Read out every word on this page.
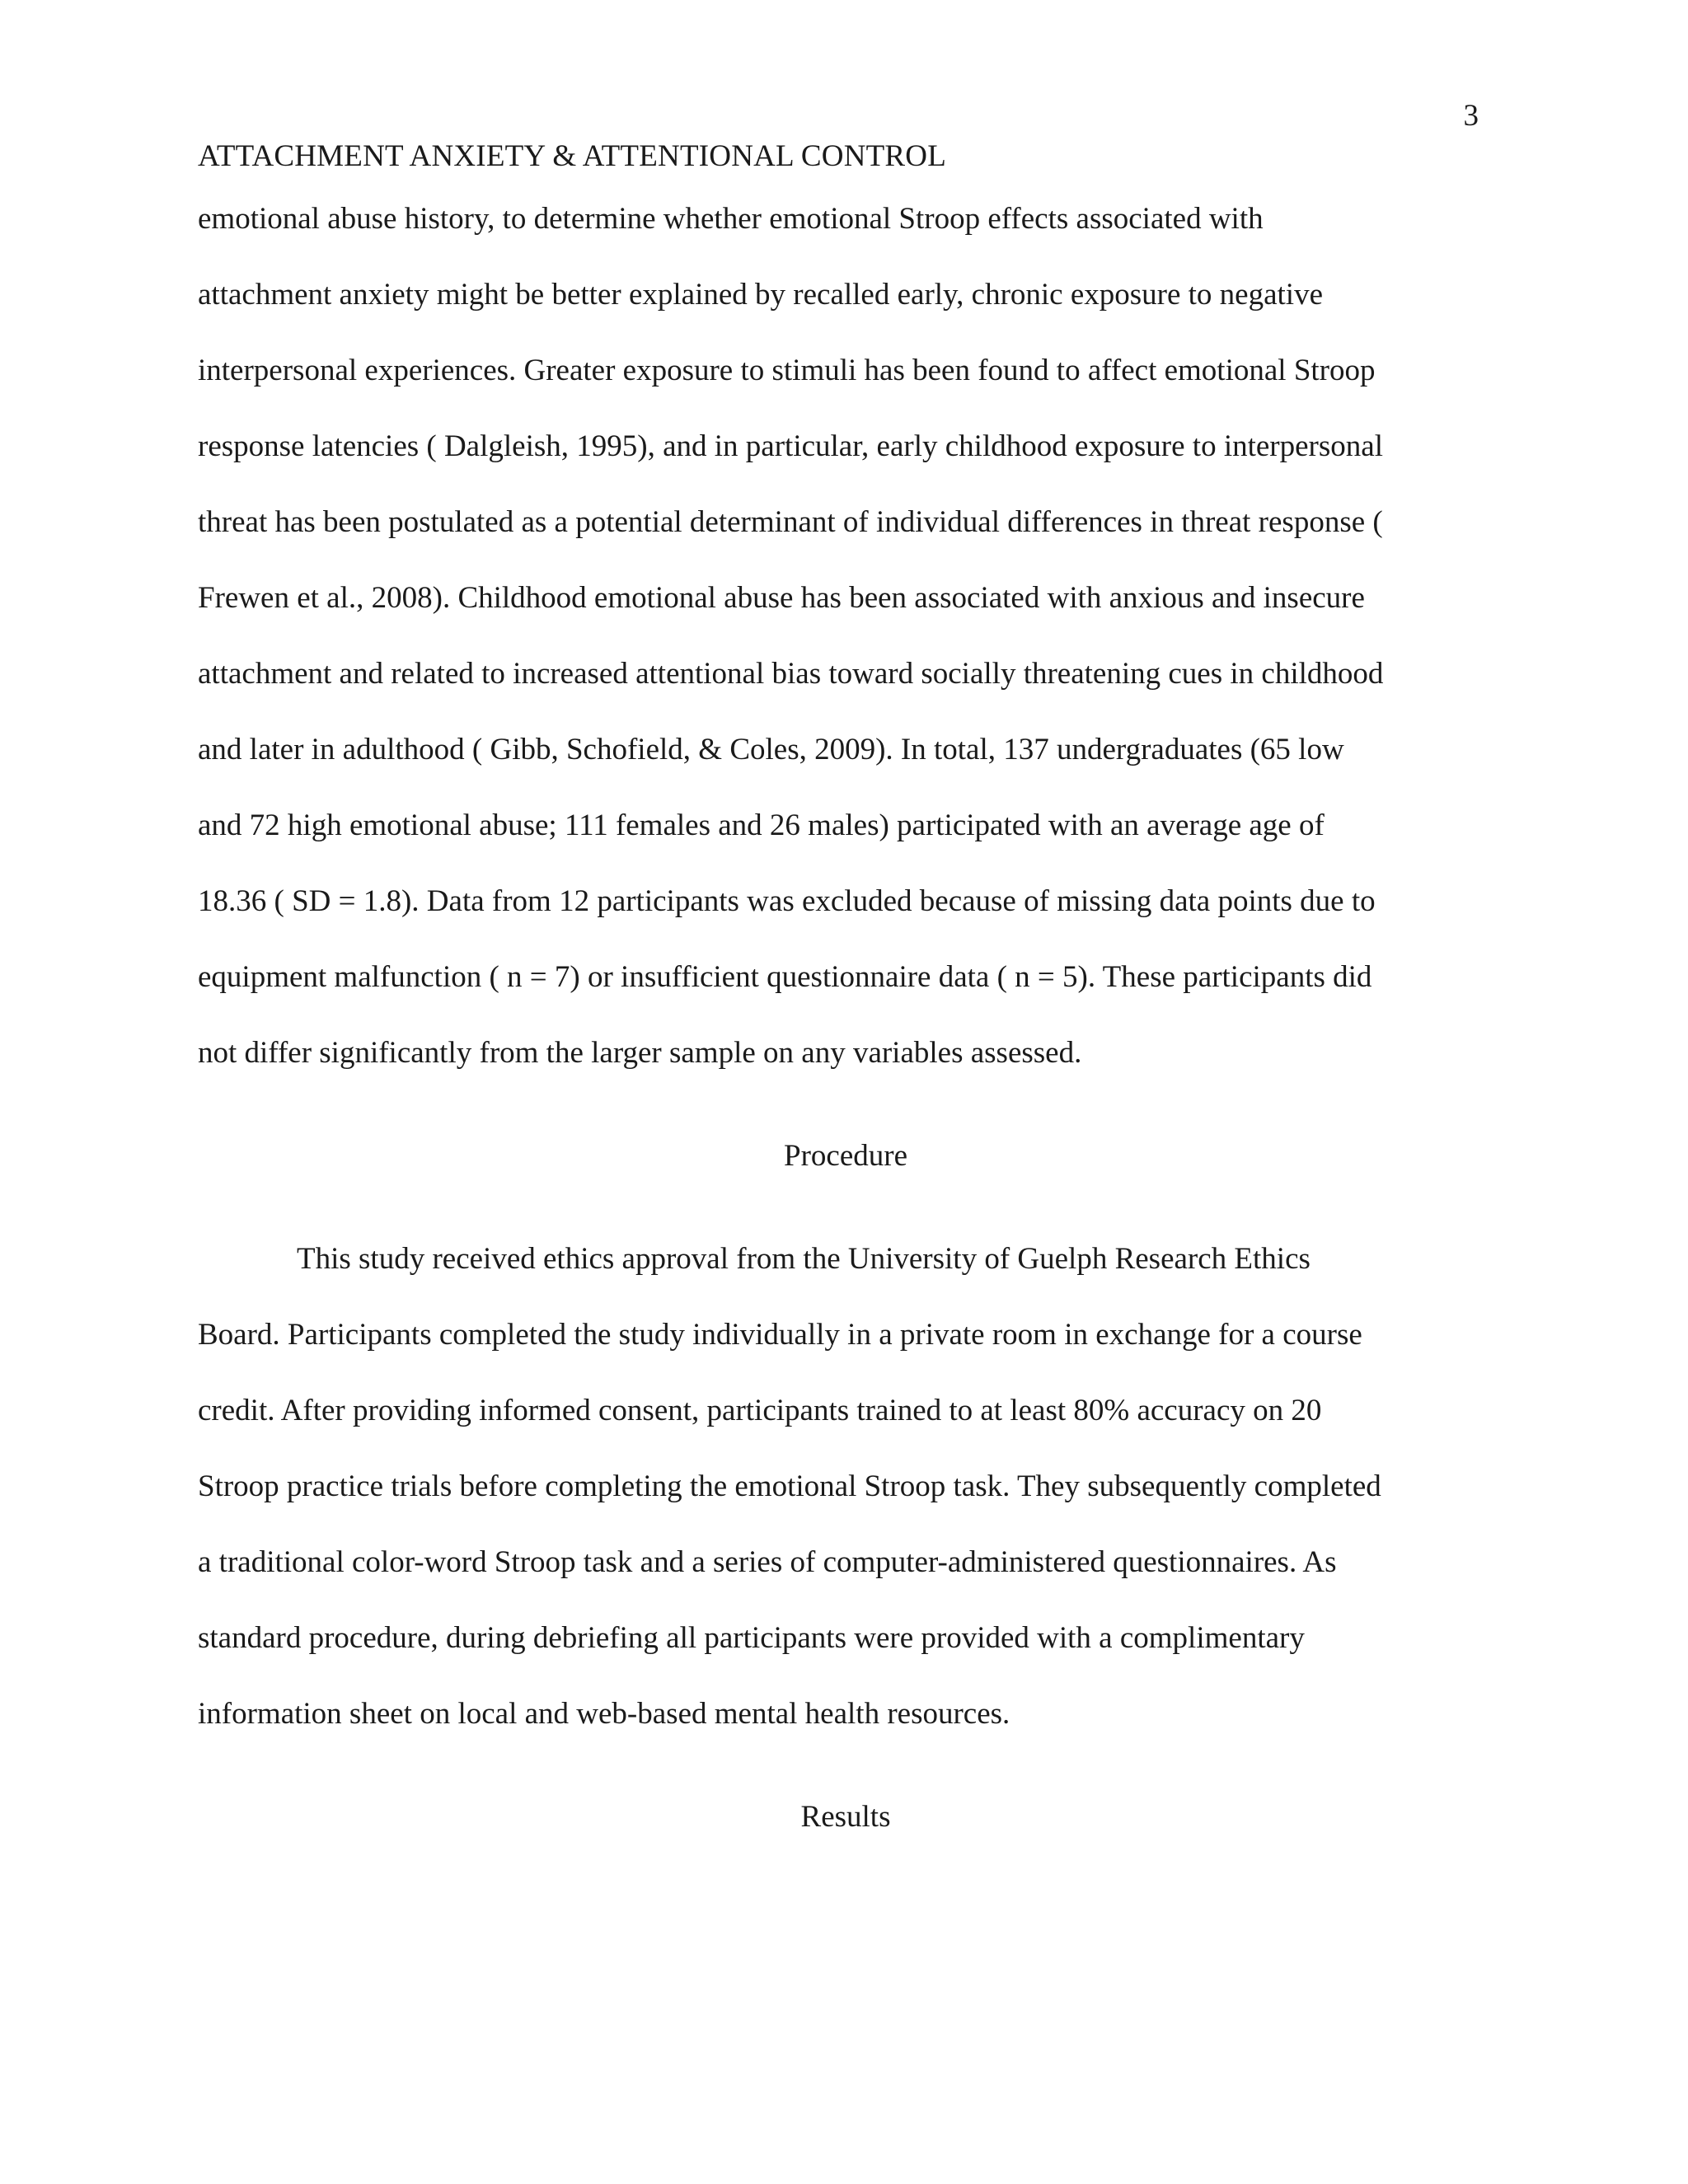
3
ATTACHMENT ANXIETY & ATTENTIONAL CONTROL
emotional abuse history, to determine whether emotional Stroop effects associated with
attachment anxiety might be better explained by recalled early, chronic exposure to negative
interpersonal experiences. Greater exposure to stimuli has been found to affect emotional Stroop
response latencies ( Dalgleish, 1995), and in particular, early childhood exposure to interpersonal
threat has been postulated as a potential determinant of individual differences in threat response (
Frewen et al., 2008). Childhood emotional abuse has been associated with anxious and insecure
attachment and related to increased attentional bias toward socially threatening cues in childhood
and later in adulthood ( Gibb, Schofield, & Coles, 2009). In total, 137 undergraduates (65 low
and 72 high emotional abuse; 111 females and 26 males) participated with an average age of
18.36 ( SD = 1.8). Data from 12 participants was excluded because of missing data points due to
equipment malfunction ( n = 7) or insufficient questionnaire data ( n = 5). These participants did
not differ significantly from the larger sample on any variables assessed.
Procedure
This study received ethics approval from the University of Guelph Research Ethics
Board. Participants completed the study individually in a private room in exchange for a course
credit. After providing informed consent, participants trained to at least 80% accuracy on 20
Stroop practice trials before completing the emotional Stroop task. They subsequently completed
a traditional color-word Stroop task and a series of computer-administered questionnaires. As
standard procedure, during debriefing all participants were provided with a complimentary
information sheet on local and web-based mental health resources.
Results
